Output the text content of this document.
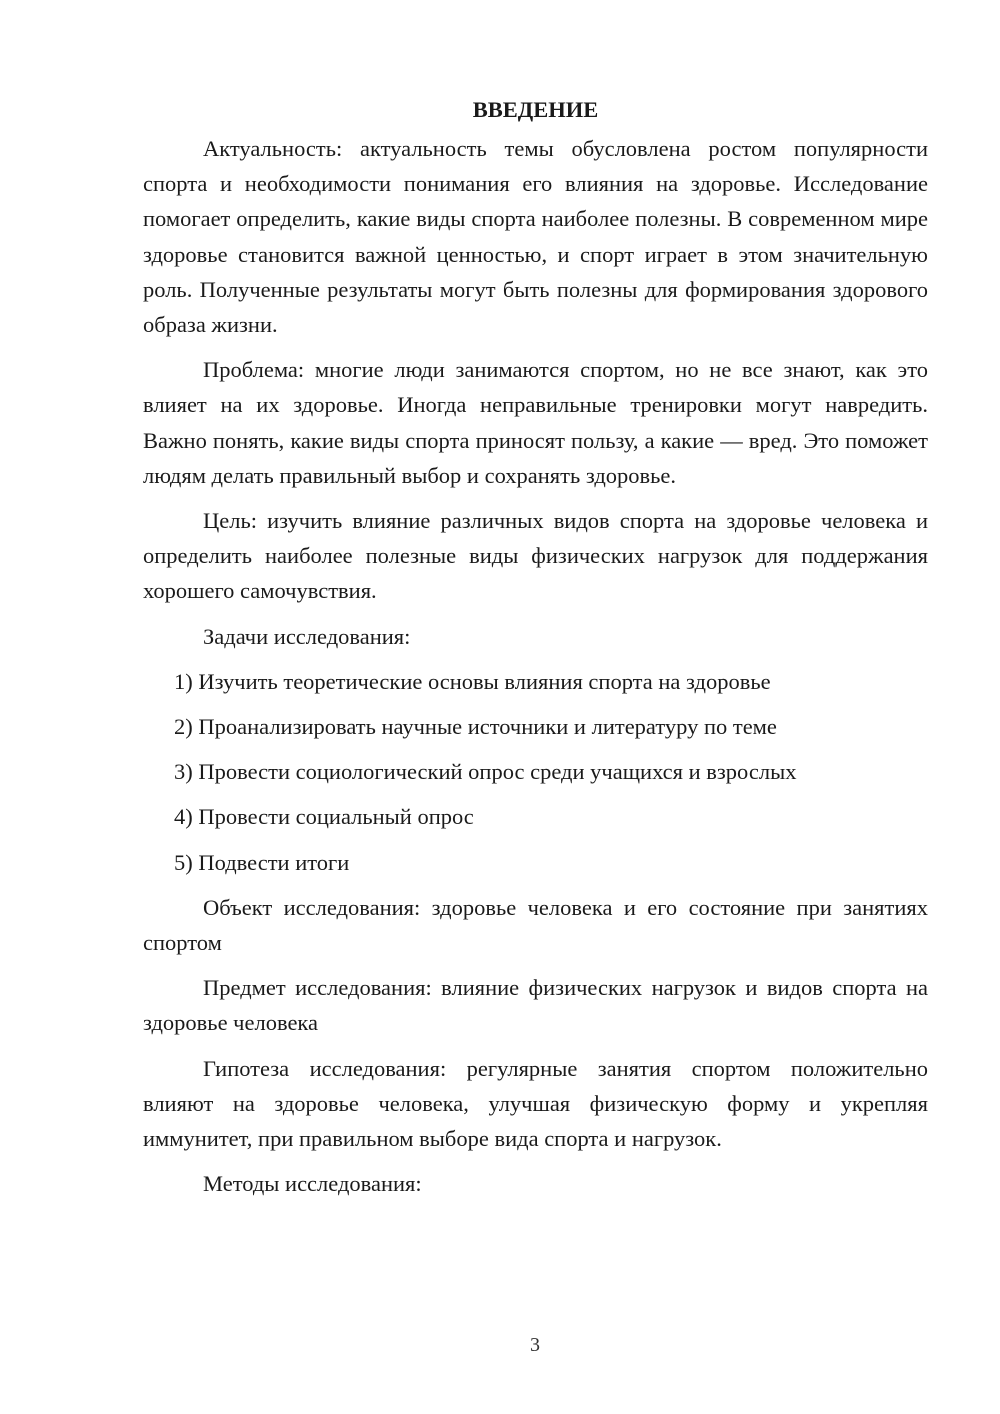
ВВЕДЕНИЕ

Актуальность: актуальность темы обусловлена ростом популярности спорта и необходимости понимания его влияния на здоровье. Исследование помогает определить, какие виды спорта наиболее полезны. В современном мире здоровье становится важной ценностью, и спорт играет в этом значительную роль. Полученные результаты могут быть полезны для формирования здорового образа жизни.

Проблема: многие люди занимаются спортом, но не все знают, как это влияет на их здоровье. Иногда неправильные тренировки могут навредить. Важно понять, какие виды спорта приносят пользу, а какие — вред. Это поможет людям делать правильный выбор и сохранять здоровье.

Цель: изучить влияние различных видов спорта на здоровье человека и определить наиболее полезные виды физических нагрузок для поддержания хорошего самочувствия.

Задачи исследования:

1) Изучить теоретические основы влияния спорта на здоровье
2) Проанализировать научные источники и литературу по теме
3) Провести социологический опрос среди учащихся и взрослых
4) Провести социальный опрос
5) Подвести итоги

Объект исследования: здоровье человека и его состояние при занятиях спортом

Предмет исследования: влияние физических нагрузок и видов спорта на здоровье человека

Гипотеза исследования: регулярные занятия спортом положительно влияют на здоровье человека, улучшая физическую форму и укрепляя иммунитет, при правильном выборе вида спорта и нагрузок.

Методы исследования:

3
